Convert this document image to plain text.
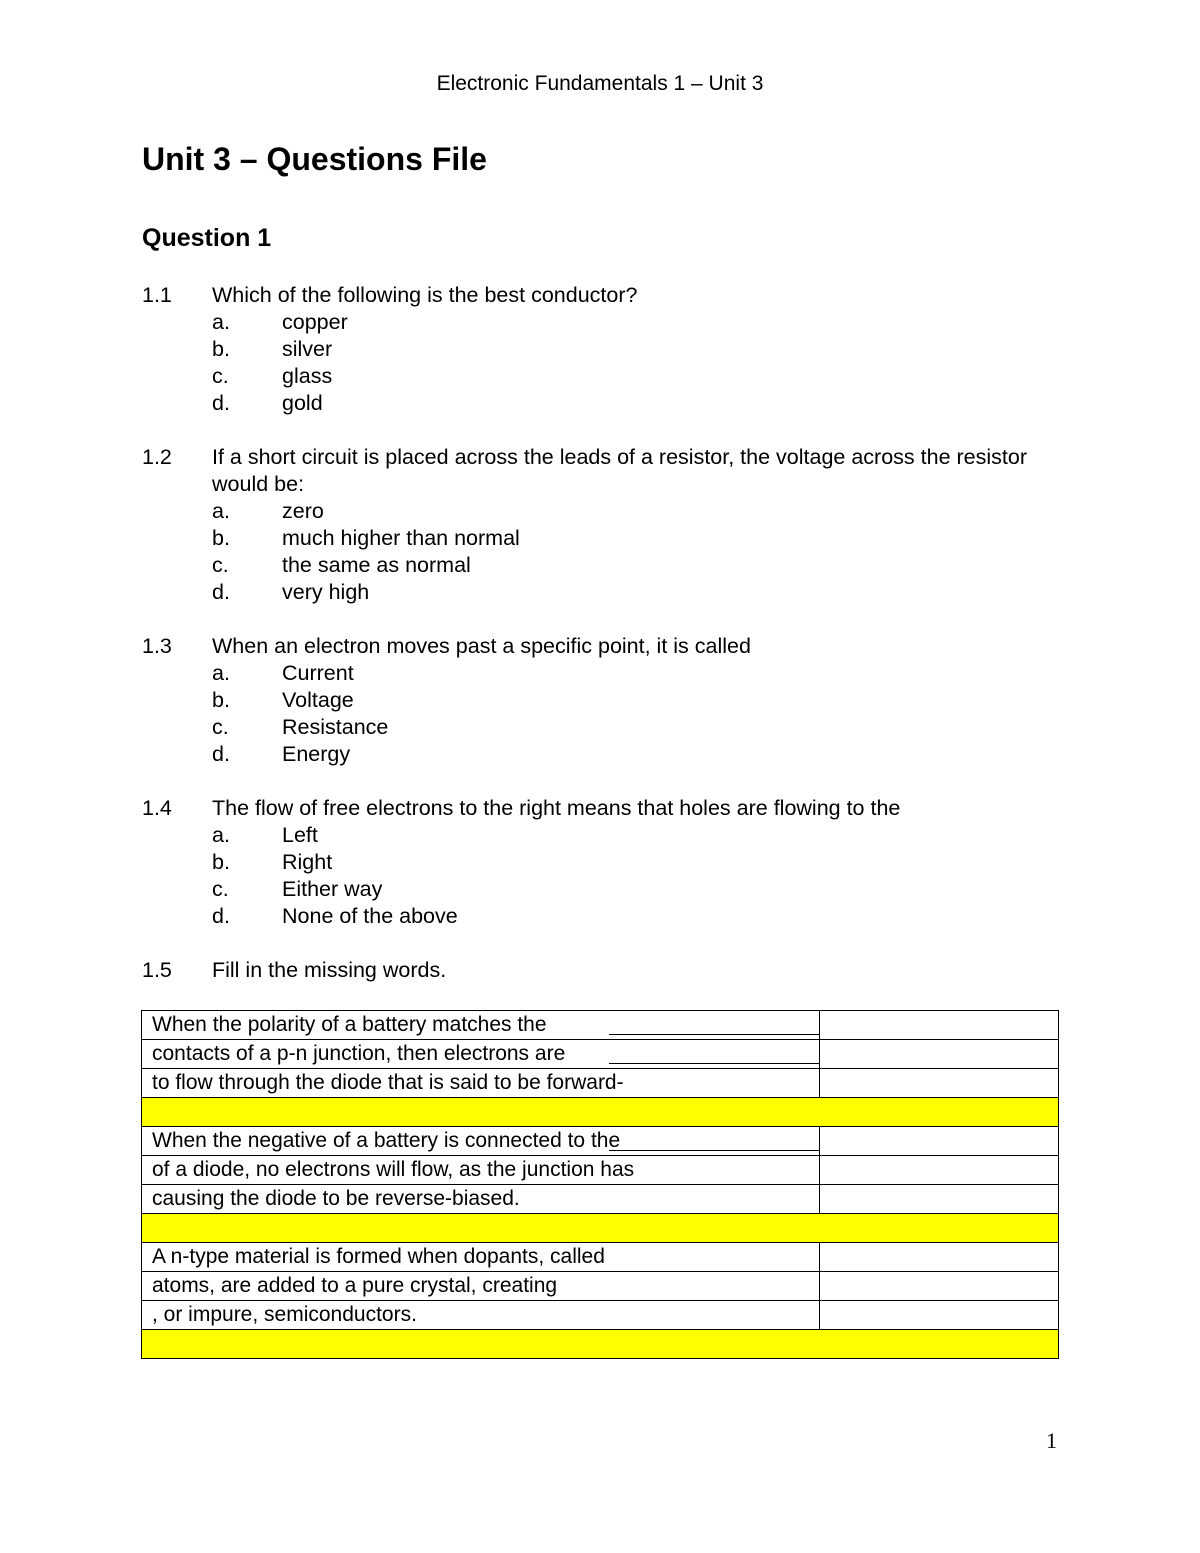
Electronic Fundamentals 1 – Unit 3
Unit 3 – Questions File
Question 1
1.1 Which of the following is the best conductor?
a. copper
b. silver
c. glass
d. gold
1.2 If a short circuit is placed across the leads of a resistor, the voltage across the resistor would be:
a. zero
b. much higher than normal
c. the same as normal
d. very high
1.3 When an electron moves past a specific point, it is called
a. Current
b. Voltage
c. Resistance
d. Energy
1.4 The flow of free electrons to the right means that holes are flowing to the
a. Left
b. Right
c. Either way
d. None of the above
1.5 Fill in the missing words.
When the polarity of a battery matches the

contacts of a p-n junction, then electrons are

to flow through the diode that is said to be forward-	

When the negative of a battery is connected to the

of a diode, no electrons will flow, as the junction has	
causing the diode to be reverse-biased.	

A n-type material is formed when dopants, called	
atoms, are added to a pure crystal, creating	
, or impure, semiconductors.	

1
